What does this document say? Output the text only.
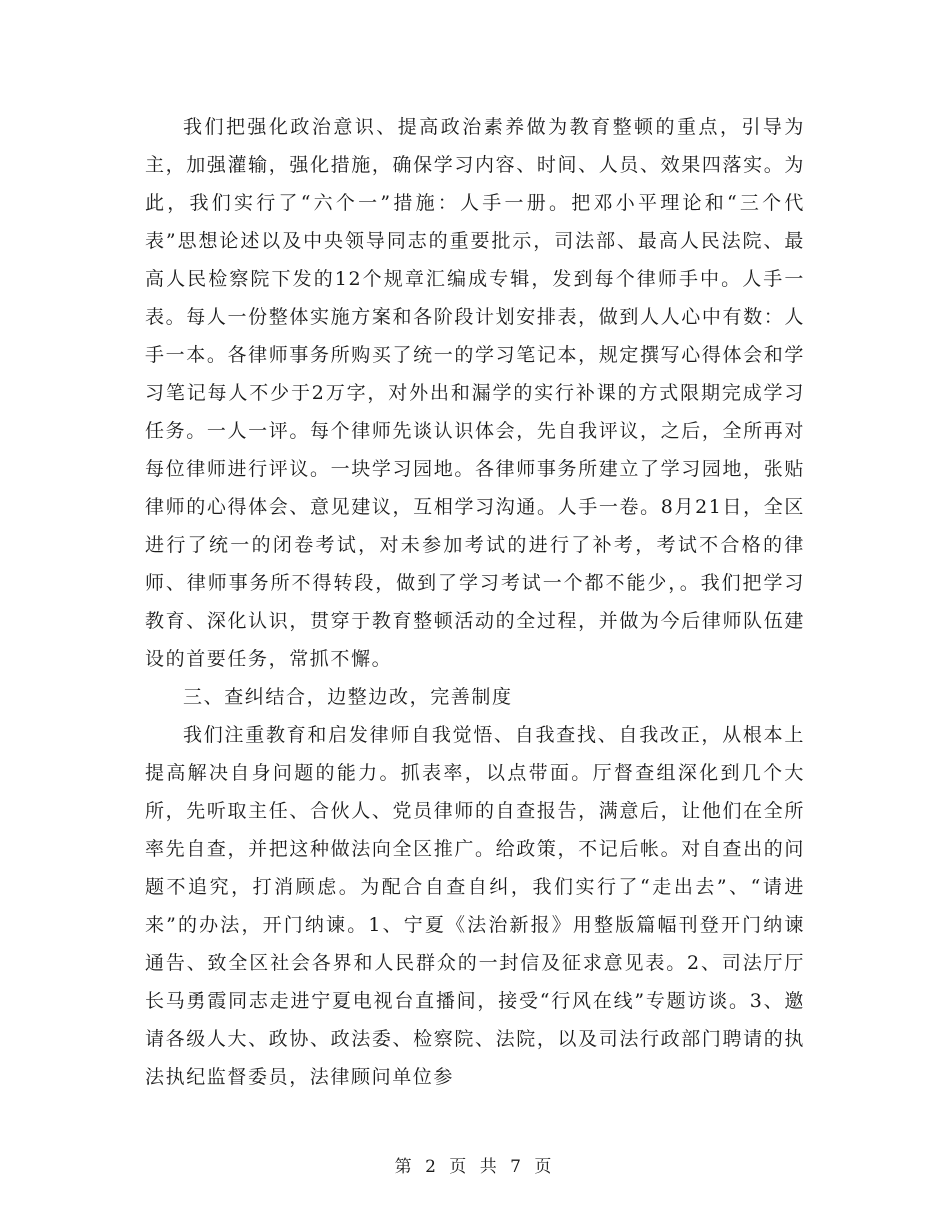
我们把强化政治意识、提高政治素养做为教育整顿的重点，引导为主，加强灌输，强化措施，确保学习内容、时间、人员、效果四落实。为此，我们实行了“六个一”措施：人手一册。把邓小平理论和“三个代表”思想论述以及中央领导同志的重要批示，司法部、最高人民法院、最高人民检察院下发的12个规章汇编成专辑，发到每个律师手中。人手一表。每人一份整体实施方案和各阶段计划安排表，做到人人心中有数：人手一本。各律师事务所购买了统一的学习笔记本，规定撰写心得体会和学习笔记每人不少于2万字，对外出和漏学的实行补课的方式限期完成学习任务。一人一评。每个律师先谈认识体会，先自我评议，之后，全所再对每位律师进行评议。一块学习园地。各律师事务所建立了学习园地，张贴律师的心得体会、意见建议，互相学习沟通。人手一卷。8月21日，全区进行了统一的闭卷考试，对未参加考试的进行了补考，考试不合格的律师、律师事务所不得转段，做到了学习考试一个都不能少，。我们把学习教育、深化认识，贯穿于教育整顿活动的全过程，并做为今后律师队伍建设的首要任务，常抓不懈。

三、查纠结合，边整边改，完善制度

我们注重教育和启发律师自我觉悟、自我查找、自我改正，从根本上提高解决自身问题的能力。抓表率，以点带面。厅督查组深化到几个大所，先听取主任、合伙人、党员律师的自查报告，满意后，让他们在全所率先自查，并把这种做法向全区推广。给政策，不记后帐。对自查出的问题不追究，打消顾虑。为配合自查自纠，我们实行了“走出去”、“请进来”的办法，开门纳谏。1、宁夏《法治新报》用整版篇幅刊登开门纳谏通告、致全区社会各界和人民群众的一封信及征求意见表。2、司法厅厅长马勇霞同志走进宁夏电视台直播间，接受“行风在线”专题访谈。3、邀请各级人大、政协、政法委、检察院、法院，以及司法行政部门聘请的执法执纪监督委员，法律顾问单位参

第 2 页 共 7 页
